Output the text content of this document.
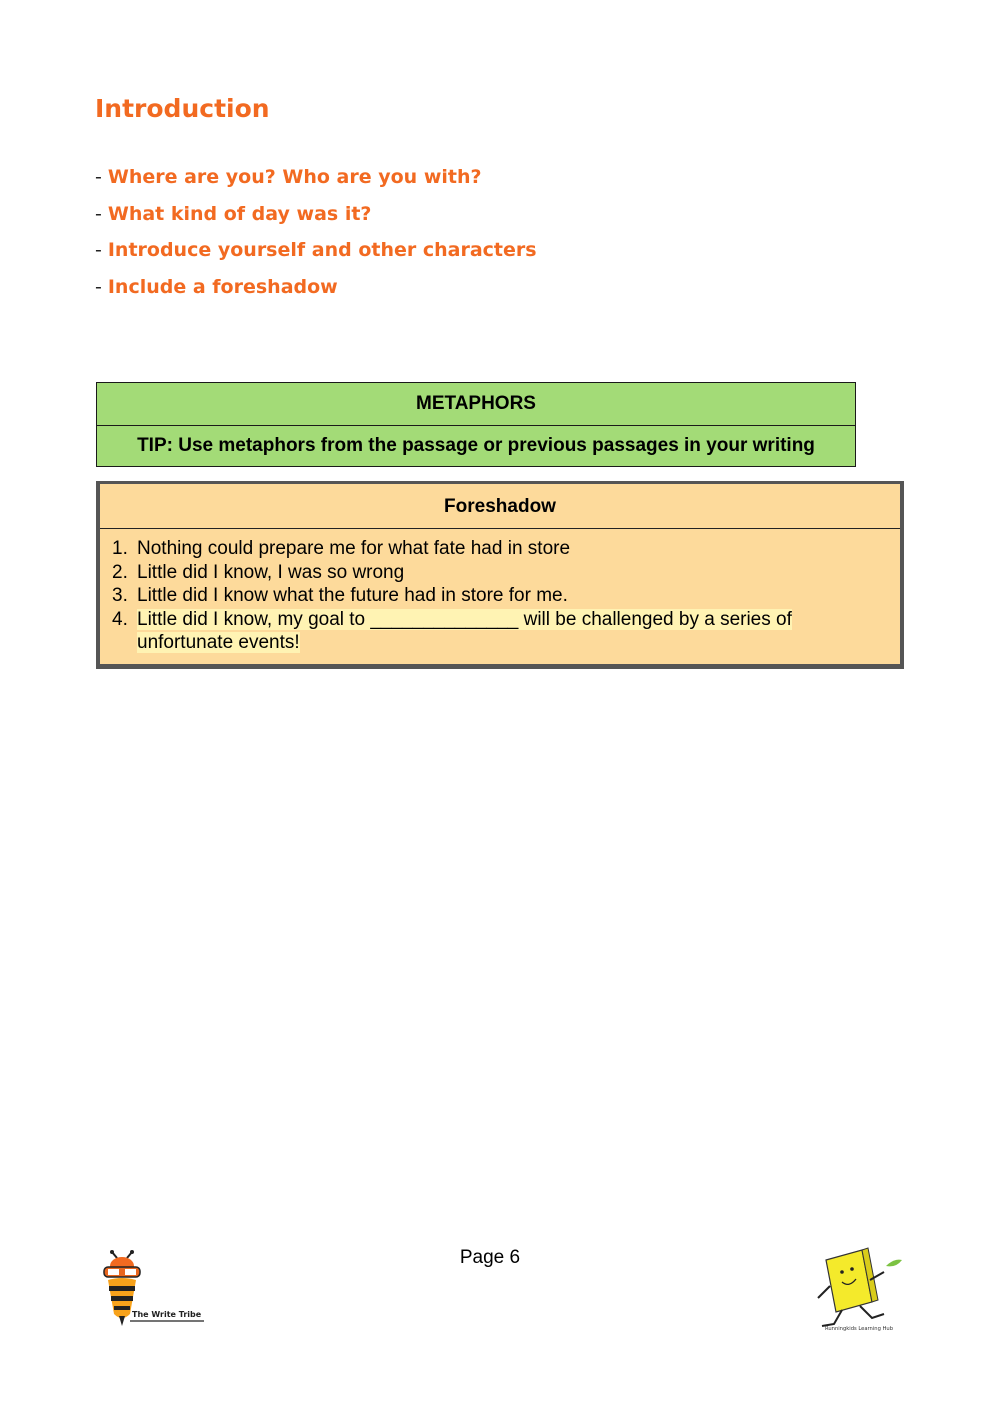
Introduction
- Where are you? Who are you with?
- What kind of day was it?
- Introduce yourself and other characters
- Include a foreshadow
METAPHORS
TIP: Use metaphors from the passage or previous passages in your writing
Foreshadow
1. Nothing could prepare me for what fate had in store
2. Little did I know, I was so wrong
3. Little did I know what the future had in store for me.
4. Little did I know, my goal to ______________ will be challenged by a series of unfortunate events!
Page 6
The Write Tribe
Runningkids Learning Hub
